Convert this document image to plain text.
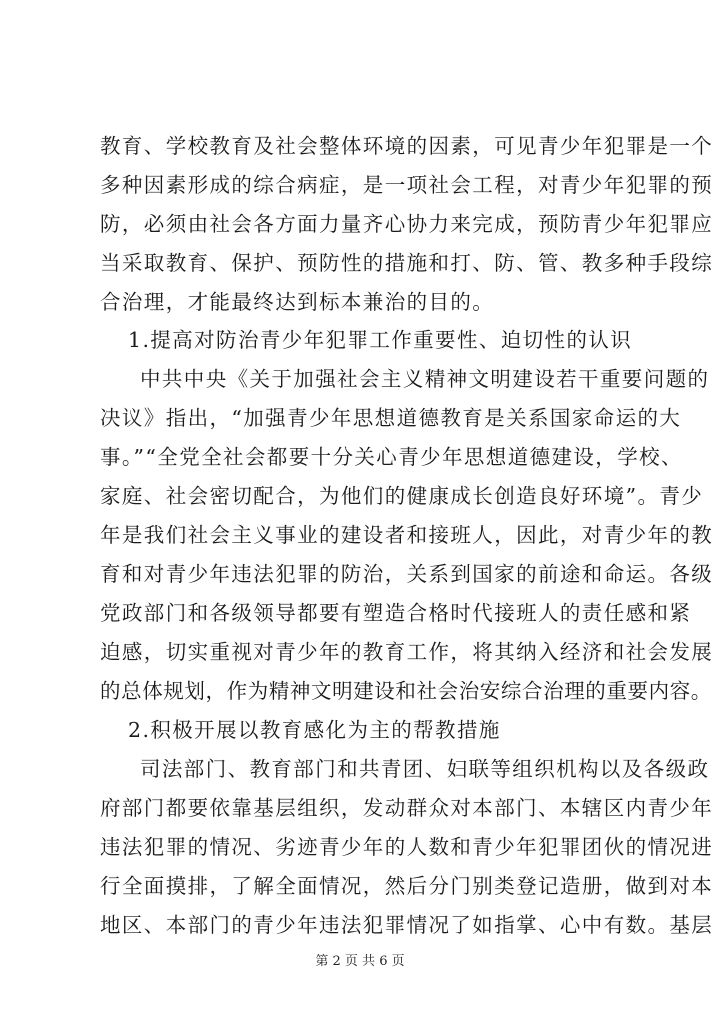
教育、学校教育及社会整体环境的因素，可见青少年犯罪是一个
多种因素形成的综合病症，是一项社会工程，对青少年犯罪的预
防，必须由社会各方面力量齐心协力来完成，预防青少年犯罪应
当采取教育、保护、预防性的措施和打、防、管、教多种手段综
合治理，才能最终达到标本兼治的目的。
1.提高对防治青少年犯罪工作重要性、迫切性的认识
中共中央《关于加强社会主义精神文明建设若干重要问题的
决议》指出，“加强青少年思想道德教育是关系国家命运的大
事。”“全党全社会都要十分关心青少年思想道德建设，学校、
家庭、社会密切配合，为他们的健康成长创造良好环境”。青少
年是我们社会主义事业的建设者和接班人，因此，对青少年的教
育和对青少年违法犯罪的防治，关系到国家的前途和命运。各级
党政部门和各级领导都要有塑造合格时代接班人的责任感和紧
迫感，切实重视对青少年的教育工作，将其纳入经济和社会发展
的总体规划，作为精神文明建设和社会治安综合治理的重要内容。
2.积极开展以教育感化为主的帮教措施
司法部门、教育部门和共青团、妇联等组织机构以及各级政
府部门都要依靠基层组织，发动群众对本部门、本辖区内青少年
违法犯罪的情况、劣迹青少年的人数和青少年犯罪团伙的情况进
行全面摸排，了解全面情况，然后分门别类登记造册，做到对本
地区、本部门的青少年违法犯罪情况了如指掌、心中有数。基层
第 2 页 共 6 页
